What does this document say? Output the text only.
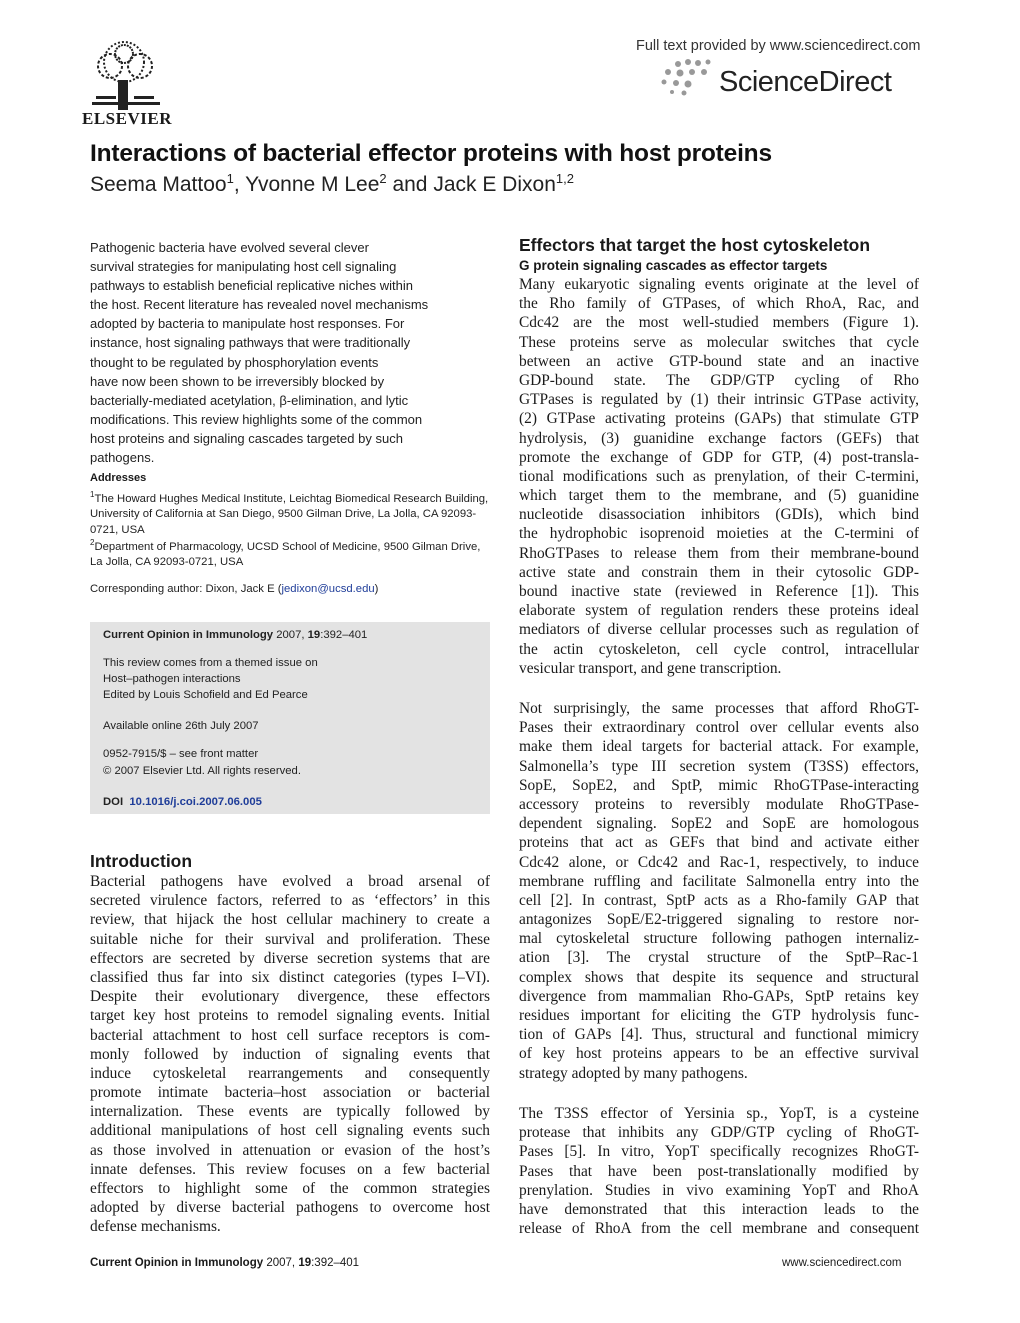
ELSEVIER
Full text provided by www.sciencedirect.com
ScienceDirect
Interactions of bacterial effector proteins with host proteins
Seema Mattoo$^1$, Yvonne M Lee$^2$ and Jack E Dixon$^{1,2}$
Pathogenic bacteria have evolved several clever
survival strategies for manipulating host cell signaling
pathways to establish beneficial replicative niches within
the host. Recent literature has revealed novel mechanisms
adopted by bacteria to manipulate host responses. For
instance, host signaling pathways that were traditionally
thought to be regulated by phosphorylation events
have now been shown to be irreversibly blocked by
bacterially-mediated acetylation, β-elimination, and lytic
modifications. This review highlights some of the common
host proteins and signaling cascades targeted by such
pathogens.
Addresses
$^1$The Howard Hughes Medical Institute, Leichtag Biomedical Research Building, University of California at San Diego, 9500 Gilman Drive, La Jolla, CA 92093-0721, USA
$^2$Department of Pharmacology, UCSD School of Medicine, 9500 Gilman Drive, La Jolla, CA 92093-0721, USA
Corresponding author: Dixon, Jack E (jedixon@ucsd.edu)
Current Opinion in Immunology 2007, 19:392–401
This review comes from a themed issue on
Host–pathogen interactions
Edited by Louis Schofield and Ed Pearce
Available online 26th July 2007
0952-7915/$ – see front matter
© 2007 Elsevier Ltd. All rights reserved.
DOI 10.1016/j.coi.2007.06.005
Introduction
Bacterial pathogens have evolved a broad arsenal of
secreted virulence factors, referred to as ‘effectors’ in this
review, that hijack the host cellular machinery to create a
suitable niche for their survival and proliferation. These
effectors are secreted by diverse secretion systems that are
classified thus far into six distinct categories (types I–VI).
Despite their evolutionary divergence, these effectors
target key host proteins to remodel signaling events. Initial
bacterial attachment to host cell surface receptors is com-
monly followed by induction of signaling events that
induce cytoskeletal rearrangements and consequently
promote intimate bacteria–host association or bacterial
internalization. These events are typically followed by
additional manipulations of host cell signaling events such
as those involved in attenuation or evasion of the host’s
innate defenses. This review focuses on a few bacterial
effectors to highlight some of the common strategies
adopted by diverse bacterial pathogens to overcome host
defense mechanisms.
Effectors that target the host cytoskeleton
G protein signaling cascades as effector targets
Many eukaryotic signaling events originate at the level of
the Rho family of GTPases, of which RhoA, Rac, and
Cdc42 are the most well-studied members (Figure 1).
These proteins serve as molecular switches that cycle
between an active GTP-bound state and an inactive
GDP-bound state. The GDP/GTP cycling of Rho
GTPases is regulated by (1) their intrinsic GTPase activity,
(2) GTPase activating proteins (GAPs) that stimulate GTP
hydrolysis, (3) guanidine exchange factors (GEFs) that
promote the exchange of GDP for GTP, (4) post-transla-
tional modifications such as prenylation, of their C-termini,
which target them to the membrane, and (5) guanidine
nucleotide disassociation inhibitors (GDIs), which bind
the hydrophobic isoprenoid moieties at the C-termini of
RhoGTPases to release them from their membrane-bound
active state and constrain them in their cytosolic GDP-
bound inactive state (reviewed in Reference [1]). This
elaborate system of regulation renders these proteins ideal
mediators of diverse cellular processes such as regulation of
the actin cytoskeleton, cell cycle control, intracellular
vesicular transport, and gene transcription.
Not surprisingly, the same processes that afford RhoGT-
Pases their extraordinary control over cellular events also
make them ideal targets for bacterial attack. For example,
Salmonella’s type III secretion system (T3SS) effectors,
SopE, SopE2, and SptP, mimic RhoGTPase-interacting
accessory proteins to reversibly modulate RhoGTPase-
dependent signaling. SopE2 and SopE are homologous
proteins that act as GEFs that bind and activate either
Cdc42 alone, or Cdc42 and Rac-1, respectively, to induce
membrane ruffling and facilitate Salmonella entry into the
cell [2]. In contrast, SptP acts as a Rho-family GAP that
antagonizes SopE/E2-triggered signaling to restore nor-
mal cytoskeletal structure following pathogen internaliz-
ation [3]. The crystal structure of the SptP–Rac-1
complex shows that despite its sequence and structural
divergence from mammalian Rho-GAPs, SptP retains key
residues important for eliciting the GTP hydrolysis func-
tion of GAPs [4]. Thus, structural and functional mimicry
of key host proteins appears to be an effective survival
strategy adopted by many pathogens.
The T3SS effector of Yersinia sp., YopT, is a cysteine
protease that inhibits any GDP/GTP cycling of RhoGT-
Pases [5]. In vitro, YopT specifically recognizes RhoGT-
Pases that have been post-translationally modified by
prenylation. Studies in vivo examining YopT and RhoA
have demonstrated that this interaction leads to the
release of RhoA from the cell membrane and consequent
Current Opinion in Immunology 2007, 19:392–401	www.sciencedirect.com
